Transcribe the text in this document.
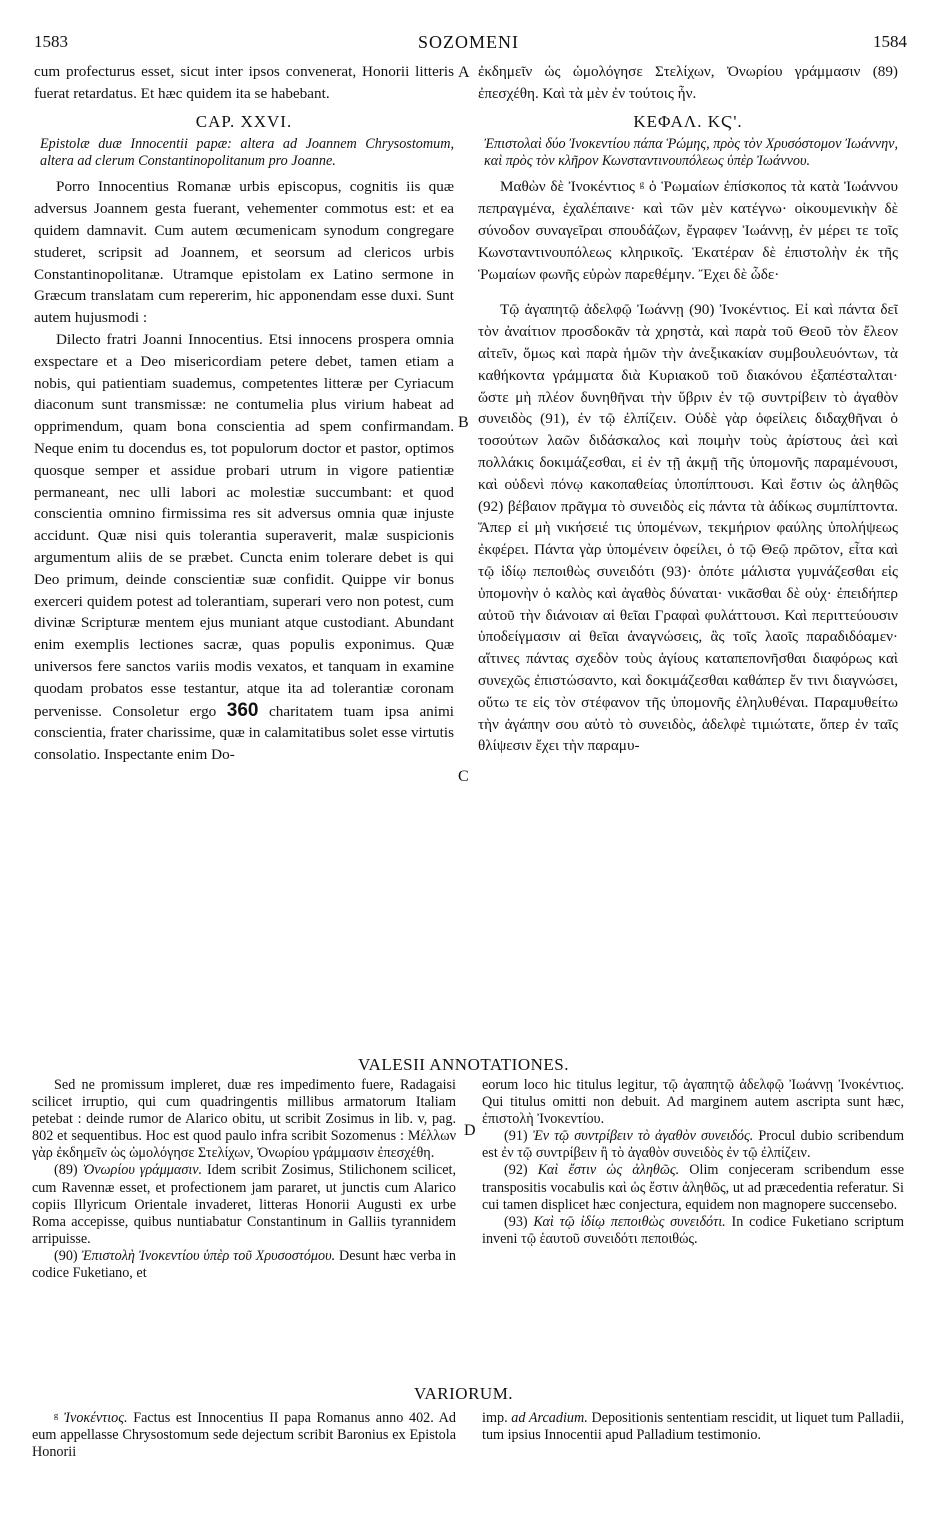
1583	SOZOMENI	1584
A
B
C
D

cum profecturus esset, sicut inter ipsos convenerat, Honorii litteris fuerat retardatus. Et hæc quidem ita se habebant.

CAP. XXVI.

Epistolæ duæ Innocentii papæ: altera ad Joannem Chrysostomum, altera ad clerum Constantinopolitanum pro Joanne.

Porro Innocentius Romanæ urbis episcopus, cognitis iis quæ adversus Joannem gesta fuerant, vehementer commotus est: et ea quidem damnavit. Cum autem œcumenicam synodum congregare studeret, scripsit ad Joannem, et seorsum ad clericos urbis Constantinopolitanæ. Utramque epistolam ex Latino sermone in Græcum translatam cum repererim, hic apponendam esse duxi. Sunt autem hujusmodi :

Dilecto fratri Joanni Innocentius. Etsi innocens prospera omnia exspectare et a Deo misericordiam petere debet, tamen etiam a nobis, qui patientiam suademus, competentes litteræ per Cyriacum diaconum sunt transmissæ: ne contumelia plus virium habeat ad opprimendum, quam bona conscientia ad spem confirmandam. Neque enim tu docendus es, tot populorum doctor et pastor, optimos quosque semper et assidue probari utrum in vigore patientiæ permaneant, nec ulli labori ac molestiæ succumbant: et quod conscientia omnino firmissima res sit adversus omnia quæ injuste accidunt. Quæ nisi quis tolerantia superaverit, malæ suspicionis argumentum aliis de se præbet. Cuncta enim tolerare debet is qui Deo primum, deinde conscientiæ suæ confidit. Quippe vir bonus exerceri quidem potest ad tolerantiam, superari vero non potest, cum divinæ Scripturæ mentem ejus muniant atque custodiant. Abundant enim exemplis lectiones sacræ, quas populis exponimus. Quæ universos fere sanctos variis modis vexatos, et tanquam in examine quodam probatos esse testantur, atque ita ad tolerantiæ coronam pervenisse. Consoletur ergo 360 charitatem tuam ipsa animi conscientia, frater charissime, quæ in calamitatibus solet esse virtutis consolatio. Inspectante enim Do-

ἐκδημεῖν ὡς ὡμολόγησε Στελίχων, Ὀνωρίου γράμμασιν (89) ἐπεσχέθη. Καὶ τὰ μὲν ἐν τούτοις ἦν.

ΚΕΦΑΛ. ΚϚ'.

Ἐπιστολαὶ δύο Ἰνοκεντίου πάπα Ῥώμης, πρὸς τὸν Χρυσόστομον Ἰωάννην, καὶ πρὸς τὸν κλῆρον Κωνσταντινουπόλεως ὑπὲρ Ἰωάννου.

Μαθὼν δὲ Ἰνοκέντιος ᵍ ὁ Ῥωμαίων ἐπίσκοπος τὰ κατὰ Ἰωάννου πεπραγμένα, ἐχαλέπαινε· καὶ τῶν μὲν κατέγνω· οἰκουμενικὴν δὲ σύνοδον συναγεῖραι σπουδάζων, ἔγραφεν Ἰωάννῃ, ἐν μέρει τε τοῖς Κωνσταντινουπόλεως κληρικοῖς. Ἑκατέραν δὲ ἐπιστολὴν ἐκ τῆς Ῥωμαίων φωνῆς εὑρὼν παρεθέμην. Ἔχει δὲ ὧδε·

Τῷ ἀγαπητῷ ἀδελφῷ Ἰωάννῃ (90) Ἰνοκέντιος. Εἰ καὶ πάντα δεῖ τὸν ἀναίτιον προσδοκᾶν τὰ χρηστὰ, καὶ παρὰ τοῦ Θεοῦ τὸν ἔλεον αἰτεῖν, ὅμως καὶ παρὰ ἡμῶν τὴν ἀνεξικακίαν συμβουλευόντων, τὰ καθήκοντα γράμματα διὰ Κυριακοῦ τοῦ διακόνου ἐξαπέσταλται· ὥστε μὴ πλέον δυνηθῆναι τὴν ὕβριν ἐν τῷ συντρίβειν τὸ ἀγαθὸν συνειδὸς (91), ἐν τῷ ἐλπίζειν. Οὐδὲ γὰρ ὀφείλεις διδαχθῆναι ὁ τοσούτων λαῶν διδάσκαλος καὶ ποιμὴν τοὺς ἀρίστους ἀεὶ καὶ πολλάκις δοκιμάζεσθαι, εἰ ἐν τῇ ἀκμῇ τῆς ὑπομονῆς παραμένουσι, καὶ οὐδενὶ πόνῳ κακοπαθείας ὑποπίπτουσι. Καὶ ἔστιν ὡς ἀληθῶς (92) βέβαιον πρᾶγμα τὸ συνειδὸς εἰς πάντα τὰ ἀδίκως συμπίπτοντα. Ἅπερ εἰ μὴ νικήσειέ τις ὑπομένων, τεκμήριον φαύλης ὑπολήψεως ἐκφέρει. Πάντα γὰρ ὑπομένειν ὀφείλει, ὁ τῷ Θεῷ πρῶτον, εἶτα καὶ τῷ ἰδίῳ πεποιθὼς συνειδότι (93)· ὁπότε μάλιστα γυμνάζεσθαι εἰς ὑπομονὴν ὁ καλὸς καὶ ἀγαθὸς δύναται· νικᾶσθαι δὲ οὐχ· ἐπειδήπερ αὐτοῦ τὴν διάνοιαν αἱ θεῖαι Γραφαὶ φυλάττουσι. Καὶ περιττεύουσιν ὑποδείγμασιν αἱ θεῖαι ἀναγνώσεις, ἃς τοῖς λαοῖς παραδιδόαμεν· αἵτινες πάντας σχεδὸν τοὺς ἁγίους καταπεπονῆσθαι διαφόρως καὶ συνεχῶς ἐπιστώσαντο, καὶ δοκιμάζεσθαι καθάπερ ἔν τινι διαγνώσει, οὕτω τε εἰς τὸν στέφανον τῆς ὑπομονῆς ἐληλυθέναι. Παραμυθείτω τὴν ἀγάπην σου αὐτὸ τὸ συνειδὸς, ἀδελφὲ τιμιώτατε, ὅπερ ἐν ταῖς θλίψεσιν ἔχει τὴν παραμυ-

VALESII ANNOTATIONES.

Sed ne promissum impleret, duæ res impedimento fuere, Radagaisi scilicet irruptio, qui cum quadringentis millibus armatorum Italiam petebat : deinde rumor de Alarico obitu, ut scribit Zosimus in lib. v, pag. 802 et sequentibus. Hoc est quod paulo infra scribit Sozomenus : Μέλλων γὰρ ἐκδημεῖν ὡς ὡμολόγησε Στελίχων, Ὀνωρίου γράμμασιν ἐπεσχέθη.

(89) Ὀνωρίου γράμμασιν. Idem scribit Zosimus, Stilichonem scilicet, cum Ravennæ esset, et profectionem jam pararet, ut junctis cum Alarico copiis Illyricum Orientale invaderet, litteras Honorii Augusti ex urbe Roma accepisse, quibus nuntiabatur Constantinum in Galliis tyrannidem arripuisse.

(90) Ἐπιστολὴ Ἰνοκεντίου ὑπὲρ τοῦ Χρυσοστόμου. Desunt hæc verba in codice Fuketiano, et

eorum loco hic titulus legitur, τῷ ἀγαπητῷ ἀδελφῷ Ἰωάννῃ Ἰνοκέντιος. Qui titulus omitti non debuit. Ad marginem autem ascripta sunt hæc, ἐπιστολὴ Ἰνοκεντίου.

(91) Ἐν τῷ συντρίβειν τὸ ἀγαθὸν συνειδός. Procul dubio scribendum est ἐν τῷ συντρίβειν ἢ τὸ ἀγαθὸν συνειδὸς ἐν τῷ ἐλπίζειν.

(92) Καὶ ἔστιν ὡς ἀληθῶς. Olim conjeceram scribendum esse transpositis vocabulis καὶ ὡς ἔστιν ἀληθῶς, ut ad præcedentia referatur. Si cui tamen displicet hæc conjectura, equidem non magnopere succensebo.

(93) Καὶ τῷ ἰδίῳ πεποιθὼς συνειδότι. In codice Fuketiano scriptum inveni τῷ ἑαυτοῦ συνειδότι πεποιθώς.

VARIORUM.

ᵍ Ἰνοκέντιος. Factus est Innocentius II papa Romanus anno 402. Ad eum appellasse Chrysostomum sede dejectum scribit Baronius ex Epistola Honorii

imp. ad Arcadium. Depositionis sententiam rescidit, ut liquet tum Palladii, tum ipsius Innocentii apud Palladium testimonio.
